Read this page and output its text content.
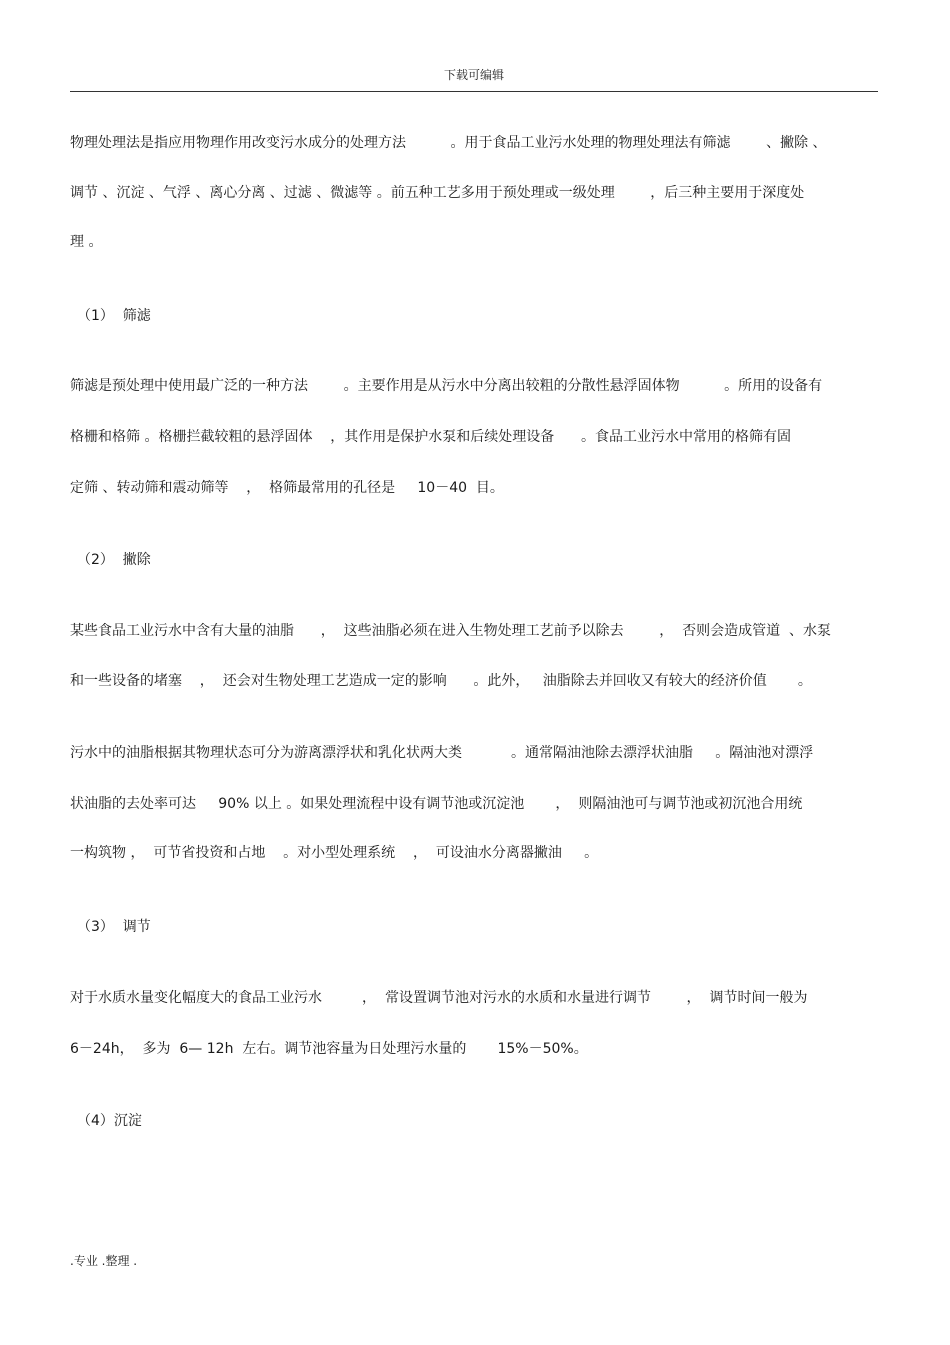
下载可编辑
物理处理法是指应用物理作用改变污水成分的处理方法          。用于食品工业污水处理的物理处理法有筛滤        、撇除 、
调节 、沉淀 、气浮 、离心分离 、过滤 、微滤等 。前五种工艺多用于预处理或一级处理        ，后三种主要用于深度处
理 。
（1）  筛滤
筛滤是预处理中使用最广泛的一种方法        。主要作用是从污水中分离出较粗的分散性悬浮固体物          。所用的设备有
格栅和格筛 。格栅拦截较粗的悬浮固体    ，其作用是保护水泵和后续处理设备      。食品工业污水中常用的格筛有固
定筛 、转动筛和震动筛等    ，  格筛最常用的孔径是     10－40  目。
（2）  撇除
某些食品工业污水中含有大量的油脂      ，  这些油脂必须在进入生物处理工艺前予以除去        ，  否则会造成管道  、水泵
和一些设备的堵塞    ，  还会对生物处理工艺造成一定的影响      。此外，   油脂除去并回收又有较大的经济价值       。
污水中的油脂根据其物理状态可分为游离漂浮状和乳化状两大类           。通常隔油池除去漂浮状油脂     。隔油池对漂浮
状油脂的去处率可达     90% 以上 。如果处理流程中设有调节池或沉淀池       ，  则隔油池可与调节池或初沉池合用统
一构筑物 ，  可节省投资和占地    。对小型处理系统    ，  可设油水分离器撇油     。
（3）  调节
对于水质水量变化幅度大的食品工业污水         ，  常设置调节池对污水的水质和水量进行调节        ，  调节时间一般为
6－24h，  多为  6— 12h  左右。调节池容量为日处理污水量的       15%－50%。
（4）沉淀
.专业 .整理 .
